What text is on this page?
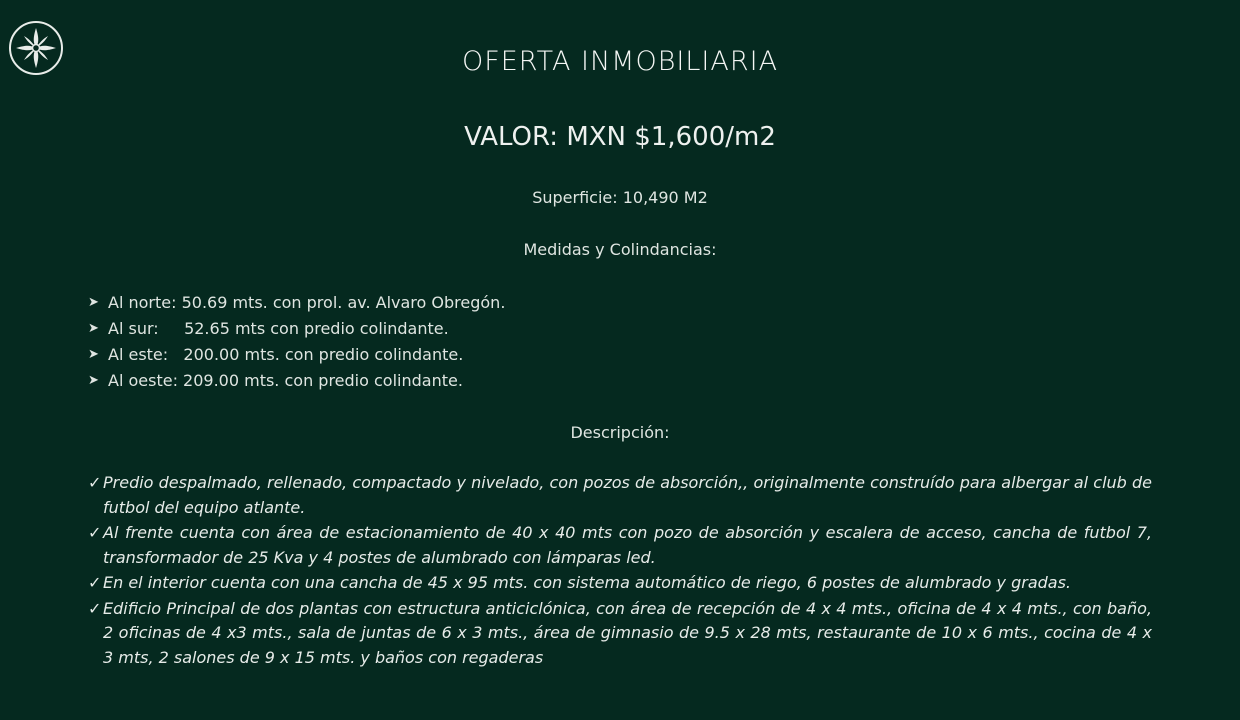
OFERTA INMOBILIARIA
VALOR: MXN $1,600/m2
Superficie: 10,490 M2
Medidas y Colindancias:
➤ Al norte: 50.69 mts. con prol. av. Alvaro Obregón.
➤ Al sur:     52.65 mts con predio colindante.
➤ Al este:   200.00 mts. con predio colindante.
➤ Al oeste: 209.00 mts. con predio colindante.
Descripción:
✓ Predio despalmado, rellenado, compactado y nivelado, con pozos de absorción,, originalmente construído para albergar al club de futbol del equipo atlante.
✓ Al frente cuenta con área de estacionamiento de 40 x 40 mts con pozo de absorción y escalera de acceso, cancha de futbol 7, transformador de 25 Kva y 4 postes de alumbrado con lámparas led.
✓ En el interior cuenta con una cancha de 45 x 95 mts. con sistema automático de riego, 6 postes de alumbrado y gradas.
✓ Edificio Principal de dos plantas con estructura anticiclónica, con área de recepción de 4 x 4 mts., oficina de 4 x 4 mts., con baño, 2 oficinas de 4 x3 mts., sala de juntas de 6 x 3 mts., área de gimnasio de 9.5 x 28 mts, restaurante de 10 x 6 mts., cocina de 4 x 3 mts, 2 salones de 9 x 15 mts. y baños con regaderas
